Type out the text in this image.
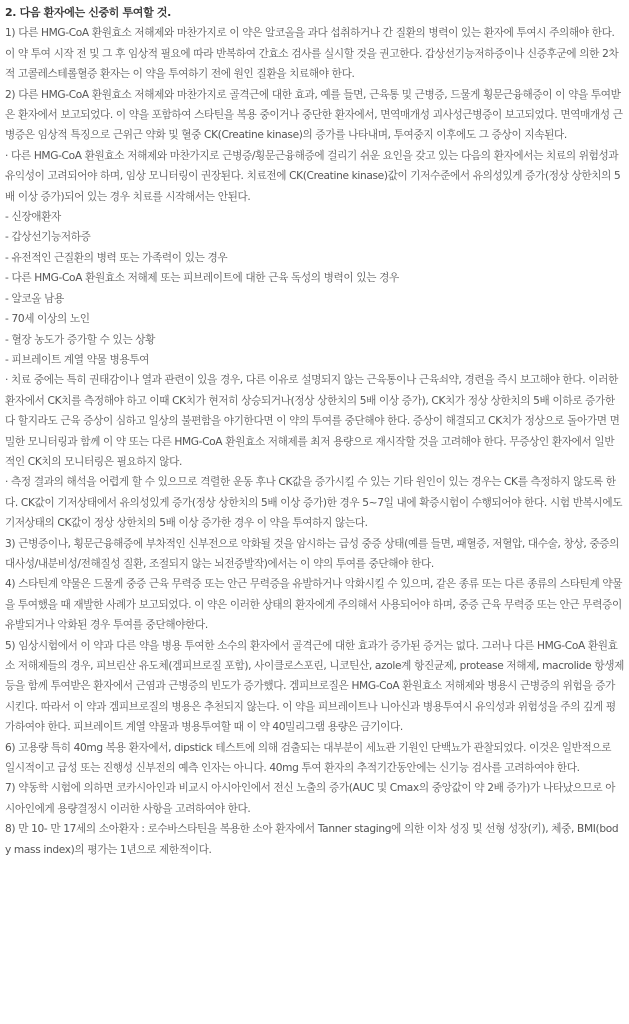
2. 다음 환자에는 신중히 투여할 것.

1) 다른 HMG-CoA 환원효소 저해제와 마찬가지로 이 약은 알코올을 과다 섭취하거나 간 질환의 병력이 있는 환자에 투여시 주의해야 한다. 이 약 투여 시작 전 및 그 후 임상적 필요에 따라 반복하여 간효소 검사를 실시할 것을 권고한다. 갑상선기능저하증이나 신증후군에 의한 2차적 고콜레스테롤혈증 환자는 이 약을 투여하기 전에 원인 질환을 치료해야 한다.

2) 다른 HMG-CoA 환원효소 저해제와 마찬가지로 골격근에 대한 효과, 예를 들면, 근육통 및 근병증, 드물게 횡문근융해증이 이 약을 투여받은 환자에서 보고되었다. 이 약을 포함하여 스타틴을 복용 중이거나 중단한 환자에서, 면역매개성 괴사성근병증이 보고되었다. 면역매개성 근병증은 임상적 특징으로 근위근 약화 및 혈중 CK(Creatine kinase)의 증가를 나타내며, 투여중지 이후에도 그 증상이 지속된다.

· 다른 HMG-CoA 환원효소 저해제와 마찬가지로 근병증/횡문근융해증에 걸리기 쉬운 요인을 갖고 있는 다음의 환자에서는 치료의 위험성과 유익성이 고려되어야 하며, 임상 모니터링이 권장된다. 치료전에 CK(Creatine kinase)값이 기저수준에서 유의성있게 증가(정상 상한치의 5배 이상 증가)되어 있는 경우 치료를 시작해서는 안된다.

- 신장애환자

- 갑상선기능저하증

- 유전적인 근질환의 병력 또는 가족력이 있는 경우

- 다른 HMG-CoA 환원효소 저해제 또는 피브레이트에 대한 근육 독성의 병력이 있는 경우

- 알코올 남용

- 70세 이상의 노인

- 혈장 농도가 증가할 수 있는 상황

- 피브레이트 계열 약물 병용투여

· 치료 중에는 특히 권태감이나 열과 관련이 있을 경우, 다른 이유로 설명되지 않는 근육통이나 근육쇠약, 경련을 즉시 보고해야 한다. 이러한 환자에서 CK치를 측정해야 하고 이때 CK치가 현저히 상승되거나(정상 상한치의 5배 이상 증가), CK치가 정상 상한치의 5배 이하로 증가한다 할지라도 근육 증상이 심하고 일상의 불편함을 야기한다면 이 약의 투여를 중단해야 한다. 증상이 해결되고 CK치가 정상으로 돌아가면 면밀한 모니터링과 함께 이 약 또는 다른 HMG-CoA 환원효소 저해제를 최저 용량으로 재시작할 것을 고려해야 한다. 무증상인 환자에서 일반적인 CK치의 모니터링은 필요하지 않다.

· 측정 결과의 해석을 어렵게 할 수 있으므로 격렬한 운동 후나 CK값을 증가시킬 수 있는 기타 원인이 있는 경우는 CK를 측정하지 않도록 한다. CK값이 기저상태에서 유의성있게 증가(정상 상한치의 5배 이상 증가)한 경우 5~7일 내에 확증시험이 수행되어야 한다. 시험 반복시에도 기저상태의 CK값이 정상 상한치의 5배 이상 증가한 경우 이 약을 투여하지 않는다.

3) 근병증이나, 횡문근융해증에 부차적인 신부전으로 악화될 것을 암시하는 급성 중증 상태(예를 들면, 패혈증, 저혈압, 대수술, 창상, 중증의 대사성/내분비성/전해질성 질환, 조절되지 않는 뇌전증발작)에서는 이 약의 투여를 중단해야 한다.

4) 스타틴계 약물은 드물게 중증 근육 무력증 또는 안근 무력증을 유발하거나 악화시킬 수 있으며, 같은 종류 또는 다른 종류의 스타틴계 약물을 투여했을 때 재발한 사례가 보고되었다. 이 약은 이러한 상태의 환자에게 주의해서 사용되어야 하며, 중증 근육 무력증 또는 안근 무력증이 유발되거나 악화된 경우 투여를 중단해야한다.

5) 임상시험에서 이 약과 다른 약을 병용 투여한 소수의 환자에서 골격근에 대한 효과가 증가된 증거는 없다. 그러나 다른 HMG-CoA 환원효소 저해제들의 경우, 피브린산 유도체(겜피브로질 포함), 사이클로스포린, 니코틴산, azole계 항진균제, protease 저해제, macrolide 항생제 등을 함께 투여받은 환자에서 근염과 근병증의 빈도가 증가했다. 겜피브로질은 HMG-CoA 환원효소 저해제와 병용시 근병증의 위험을 증가시킨다. 따라서 이 약과 겜피브로질의 병용은 추천되지 않는다. 이 약을 피브레이트나 니아신과 병용투여시 유익성과 위험성을 주의 깊게 평가하여야 한다. 피브레이트 계열 약물과 병용투여할 때 이 약 40밀리그램 용량은 금기이다.

6) 고용량 특히 40mg 복용 환자에서, dipstick 테스트에 의해 검출되는 대부분이 세뇨관 기원인 단백뇨가 관찰되었다. 이것은 일반적으로 일시적이고 급성 또는 진행성 신부전의 예측 인자는 아니다. 40mg 투여 환자의 추적기간동안에는 신기능 검사를 고려하여야 한다.

7) 약동학 시험에 의하면 코카시아인과 비교시 아시아인에서 전신 노출의 증가(AUC 및 Cmax의 중앙값이 약 2배 증가)가 나타났으므로 아시아인에게 용량결정시 이러한 사항을 고려하여야 한다.

8) 만 10- 만 17세의 소아환자 : 로수바스타틴을 복용한 소아 환자에서 Tanner staging에 의한 이차 성징 및 선형 성장(키), 체중, BMI(body mass index)의 평가는 1년으로 제한적이다.
